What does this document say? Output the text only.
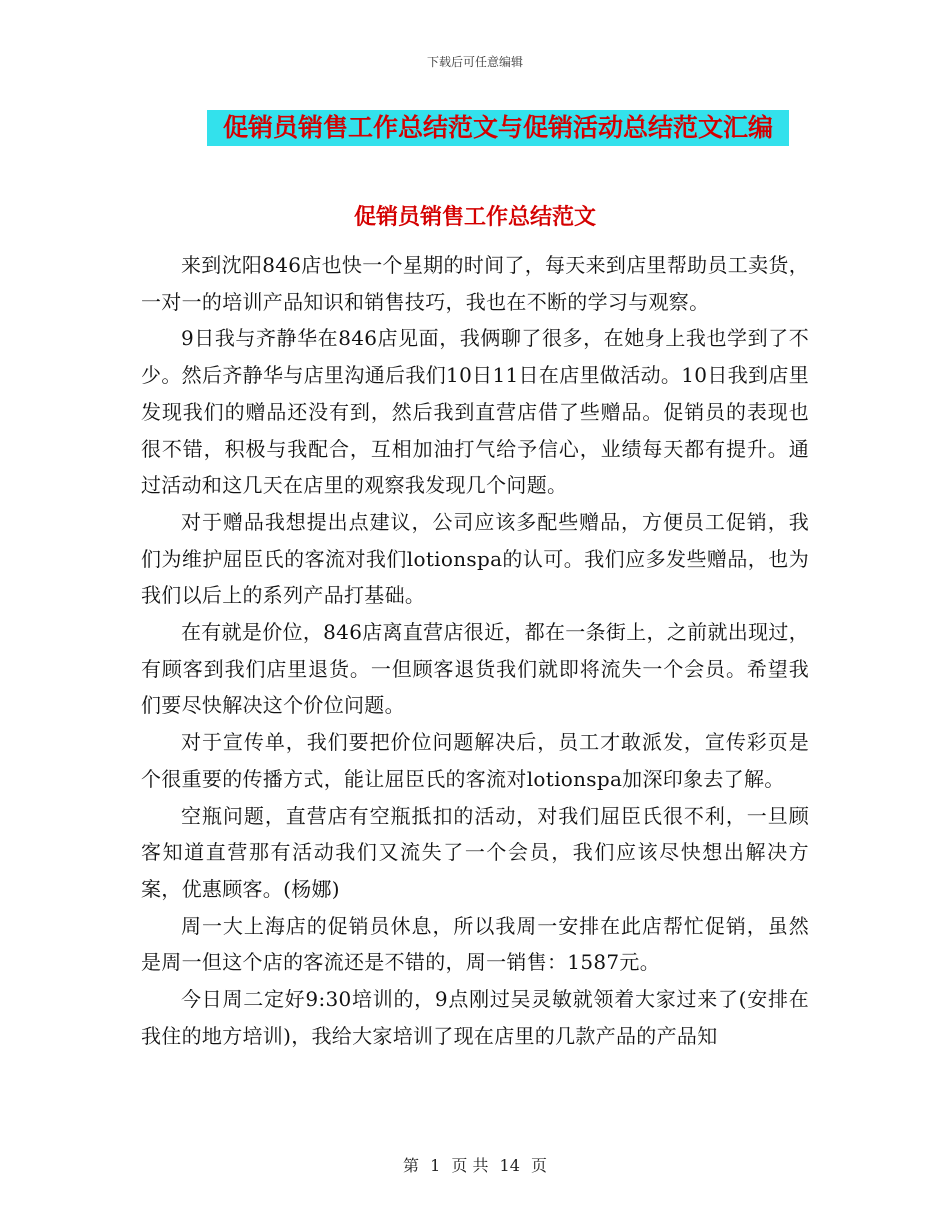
下载后可任意编辑
促销员销售工作总结范文与促销活动总结范文汇编
促销员销售工作总结范文

来到沈阳846店也快一个星期的时间了，每天来到店里帮助员工卖货，一对一的培训产品知识和销售技巧，我也在不断的学习与观察。

9日我与齐静华在846店见面，我俩聊了很多，在她身上我也学到了不少。然后齐静华与店里沟通后我们10日11日在店里做活动。10日我到店里发现我们的赠品还没有到，然后我到直营店借了些赠品。促销员的表现也很不错，积极与我配合，互相加油打气给予信心，业绩每天都有提升。通过活动和这几天在店里的观察我发现几个问题。

对于赠品我想提出点建议，公司应该多配些赠品，方便员工促销，我们为维护屈臣氏的客流对我们lotionspa的认可。我们应多发些赠品，也为我们以后上的系列产品打基础。

在有就是价位，846店离直营店很近，都在一条街上，之前就出现过，有顾客到我们店里退货。一但顾客退货我们就即将流失一个会员。希望我们要尽快解决这个价位问题。

对于宣传单，我们要把价位问题解决后，员工才敢派发，宣传彩页是个很重要的传播方式，能让屈臣氏的客流对lotionspa加深印象去了解。

空瓶问题，直营店有空瓶抵扣的活动，对我们屈臣氏很不利，一旦顾客知道直营那有活动我们又流失了一个会员，我们应该尽快想出解决方案，优惠顾客。(杨娜)

周一大上海店的促销员休息，所以我周一安排在此店帮忙促销，虽然是周一但这个店的客流还是不错的，周一销售：1587元。

今日周二定好9:30培训的，9点刚过吴灵敏就领着大家过来了(安排在我住的地方培训)，我给大家培训了现在店里的几款产品的产品知

第 1 页 共 14 页
